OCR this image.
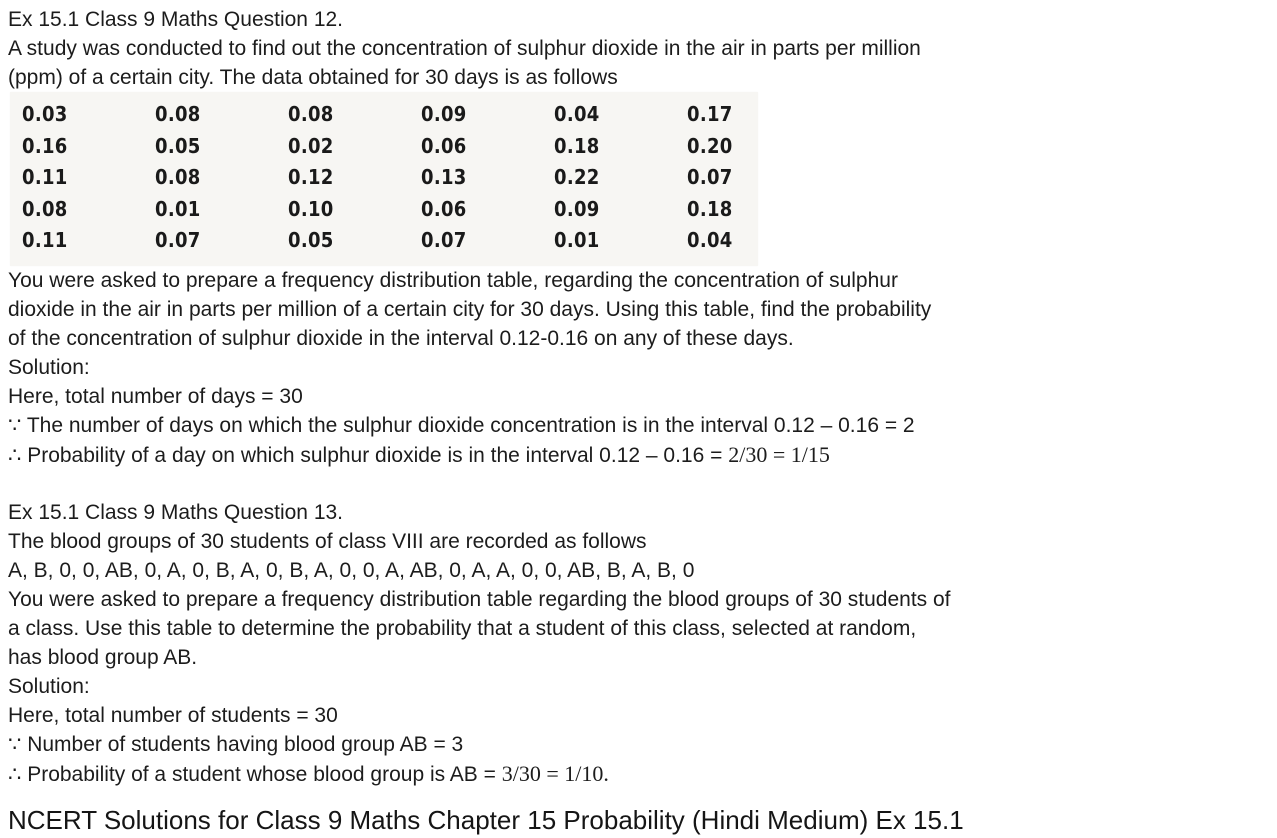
Ex 15.1 Class 9 Maths Question 12.
A study was conducted to find out the concentration of sulphur dioxide in the air in parts per million
(ppm) of a certain city. The data obtained for 30 days is as follows
0.03	0.08	0.08	0.09	0.04	0.17
0.16	0.05	0.02	0.06	0.18	0.20
0.11	0.08	0.12	0.13	0.22	0.07
0.08	0.01	0.10	0.06	0.09	0.18
0.11	0.07	0.05	0.07	0.01	0.04
You were asked to prepare a frequency distribution table, regarding the concentration of sulphur
dioxide in the air in parts per million of a certain city for 30 days. Using this table, find the probability
of the concentration of sulphur dioxide in the interval 0.12-0.16 on any of these days.
Solution:
Here, total number of days = 30
∵ The number of days on which the sulphur dioxide concentration is in the interval 0.12 – 0.16 = 2
∴ Probability of a day on which sulphur dioxide is in the interval 0.12 – 0.16 = 2/30 = 1/15
Ex 15.1 Class 9 Maths Question 13.
The blood groups of 30 students of class VIII are recorded as follows
A, B, 0, 0, AB, 0, A, 0, B, A, 0, B, A, 0, 0, A, AB, 0, A, A, 0, 0, AB, B, A, B, 0
You were asked to prepare a frequency distribution table regarding the blood groups of 30 students of
a class. Use this table to determine the probability that a student of this class, selected at random,
has blood group AB.
Solution:
Here, total number of students = 30
∵ Number of students having blood group AB = 3
∴ Probability of a student whose blood group is AB = 3/30 = 1/10.
NCERT Solutions for Class 9 Maths Chapter 15 Probability (Hindi Medium) Ex 15.1
